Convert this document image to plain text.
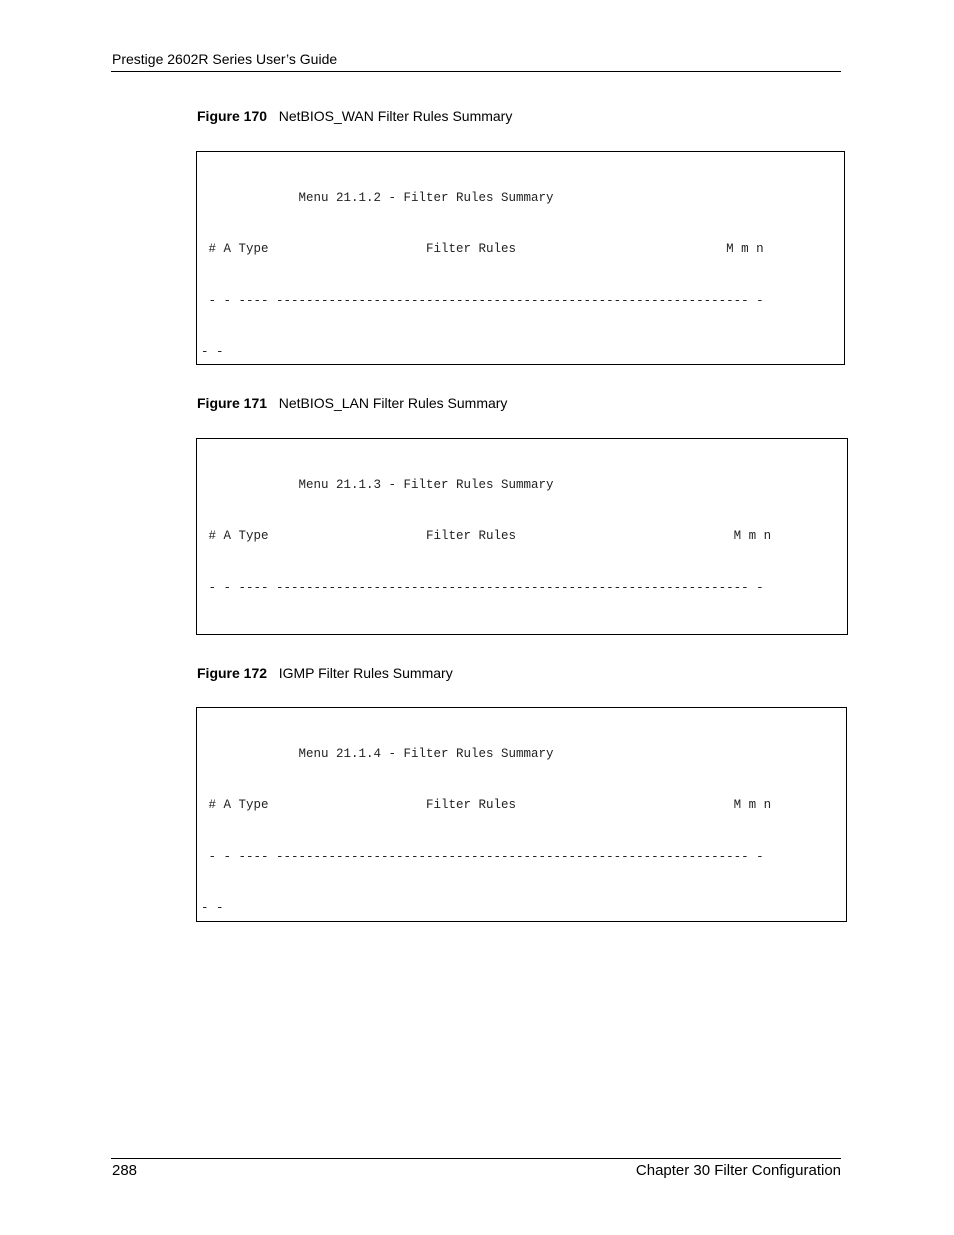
Prestige 2602R Series User’s Guide
Figure 170 NetBIOS_WAN Filter Rules Summary

Menu 21.1.2 - Filter Rules Summary

# A Type                     Filter Rules                            M m n

- - ---- --------------------------------------------------------------- -

- -

Figure 171 NetBIOS_LAN Filter Rules Summary

Menu 21.1.3 - Filter Rules Summary

# A Type                     Filter Rules                             M m n

- - ---- --------------------------------------------------------------- -

Figure 172 IGMP Filter Rules Summary

Menu 21.1.4 - Filter Rules Summary

# A Type                     Filter Rules                             M m n

- - ---- --------------------------------------------------------------- -

- -

288	Chapter 30 Filter Configuration
